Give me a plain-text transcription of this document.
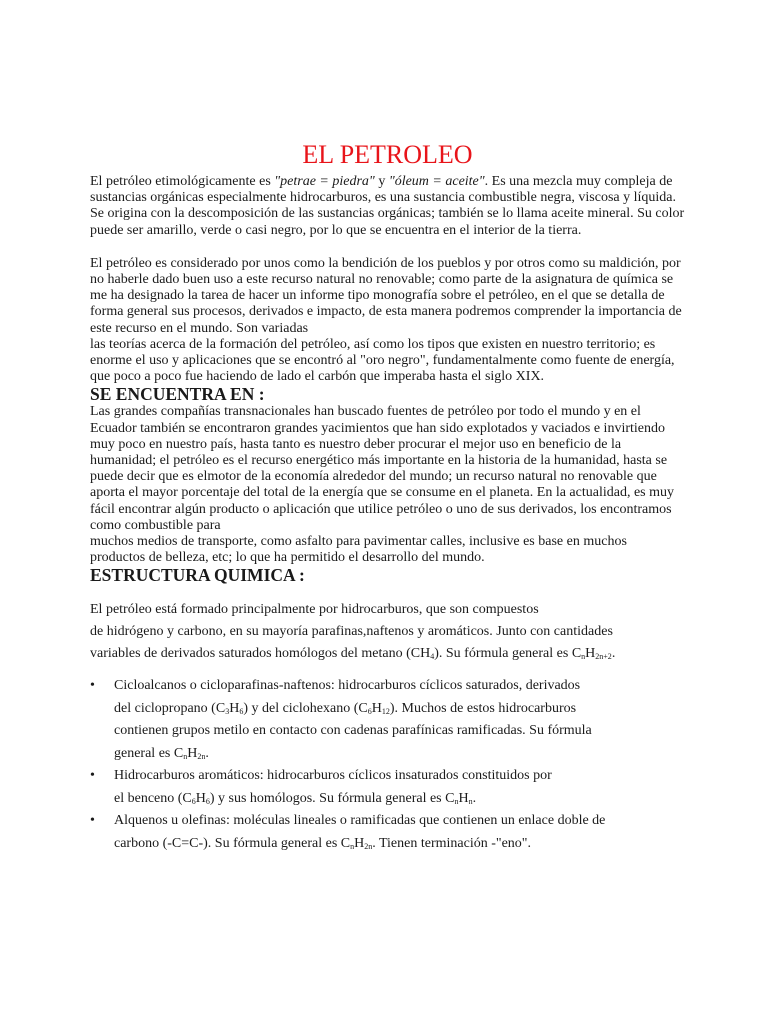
EL PETROLEO

El petróleo etimológicamente es "petrae = piedra" y "óleum = aceite". Es una mezcla muy compleja de sustancias orgánicas especialmente hidrocarburos, es una sustancia combustible negra, viscosa y líquida. Se origina con la descomposición de las sustancias orgánicas; también se lo llama aceite mineral. Su color puede ser amarillo, verde o casi negro, por lo que se encuentra en el interior de la tierra.

El petróleo es considerado por unos como la bendición de los pueblos y por otros como su maldición, por no haberle dado buen uso a este recurso natural no renovable; como parte de la asignatura de química se me ha designado la tarea de hacer un informe tipo monografía sobre el petróleo, en el que se detalla de forma general sus procesos, derivados e impacto, de esta manera podremos comprender la importancia de este recurso en el mundo. Son variadas

las teorías acerca de la formación del petróleo, así como los tipos que existen en nuestro territorio; es enorme el uso y aplicaciones que se encontró al "oro negro", fundamentalmente como fuente de energía, que poco a poco fue haciendo de lado el carbón que imperaba hasta el siglo XIX.

SE ENCUENTRA EN :

Las grandes compañías transnacionales han buscado fuentes de petróleo por todo el mundo y en el Ecuador también se encontraron grandes yacimientos que han sido explotados y vaciados e invirtiendo muy poco en nuestro país, hasta tanto es nuestro deber procurar el mejor uso en beneficio de la humanidad; el petróleo es el recurso energético más importante en la historia de la humanidad, hasta se puede decir que es elmotor de la economía alrededor del mundo; un recurso natural no renovable que aporta el mayor porcentaje del total de la energía que se consume en el planeta. En la actualidad, es muy fácil encontrar algún producto o aplicación que utilice petróleo o uno de sus derivados, los encontramos como combustible para

muchos medios de transporte, como asfalto para pavimentar calles, inclusive es base en muchos productos de belleza, etc; lo que ha permitido el desarrollo del mundo.

ESTRUCTURA QUIMICA :

El petróleo está formado principalmente por hidrocarburos, que son compuestos
de hidrógeno y carbono, en su mayoría parafinas,naftenos y aromáticos. Junto con cantidades
variables de derivados saturados homólogos del metano $(CH_4)$. Su fórmula general es $C_nH_{2n+2}$.

• Cicloalcanos o cicloparafinas-naftenos: hidrocarburos cíclicos saturados, derivados
del ciclopropano $(C_3H_6)$ y del ciclohexano $(C_6H_{12})$. Muchos de estos hidrocarburos
contienen grupos metilo en contacto con cadenas parafínicas ramificadas. Su fórmula
general es $C_nH_{2n}$.
• Hidrocarburos aromáticos: hidrocarburos cíclicos insaturados constituidos por
el benceno $(C_6H_6)$ y sus homólogos. Su fórmula general es $C_nH_n$.
• Alquenos u olefinas: moléculas lineales o ramificadas que contienen un enlace doble de
carbono (-C=C-). Su fórmula general es $C_nH_{2n}$. Tienen terminación -"eno".
